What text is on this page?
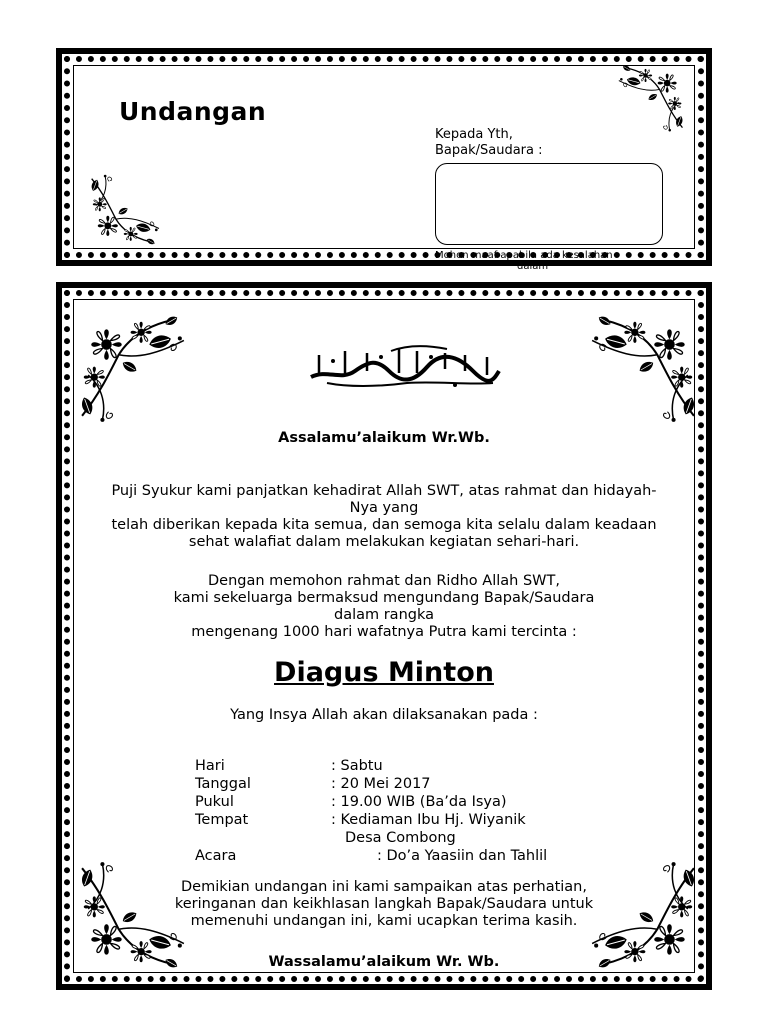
Undangan
Kepada Yth,
Bapak/Saudara :
Mohon maaf apabila ada kesalahan
dalam
Assalamu’alaikum Wr.Wb.
Puji Syukur kami panjatkan kehadirat Allah SWT, atas rahmat dan hidayah-
Nya yang
telah diberikan kepada kita semua, dan semoga kita selalu dalam keadaan
sehat walafiat dalam melakukan kegiatan sehari-hari.
Dengan memohon rahmat dan Ridho Allah SWT,
kami sekeluarga bermaksud mengundang Bapak/Saudara
dalam rangka
mengenang 1000 hari wafatnya Putra kami tercinta :
Diagus Minton
Yang Insya Allah akan dilaksanakan pada :
Hari	: Sabtu
Tanggal	: 20 Mei 2017
Pukul	: 19.00 WIB (Ba’da Isya)
Tempat	: Kediaman Ibu Hj. Wiyanik
Desa Combong
Acara	: Do’a Yaasiin dan Tahlil
Demikian undangan ini kami sampaikan atas perhatian,
keringanan dan keikhlasan langkah Bapak/Saudara untuk
memenuhi undangan ini, kami ucapkan terima kasih.
Wassalamu’alaikum Wr. Wb.
